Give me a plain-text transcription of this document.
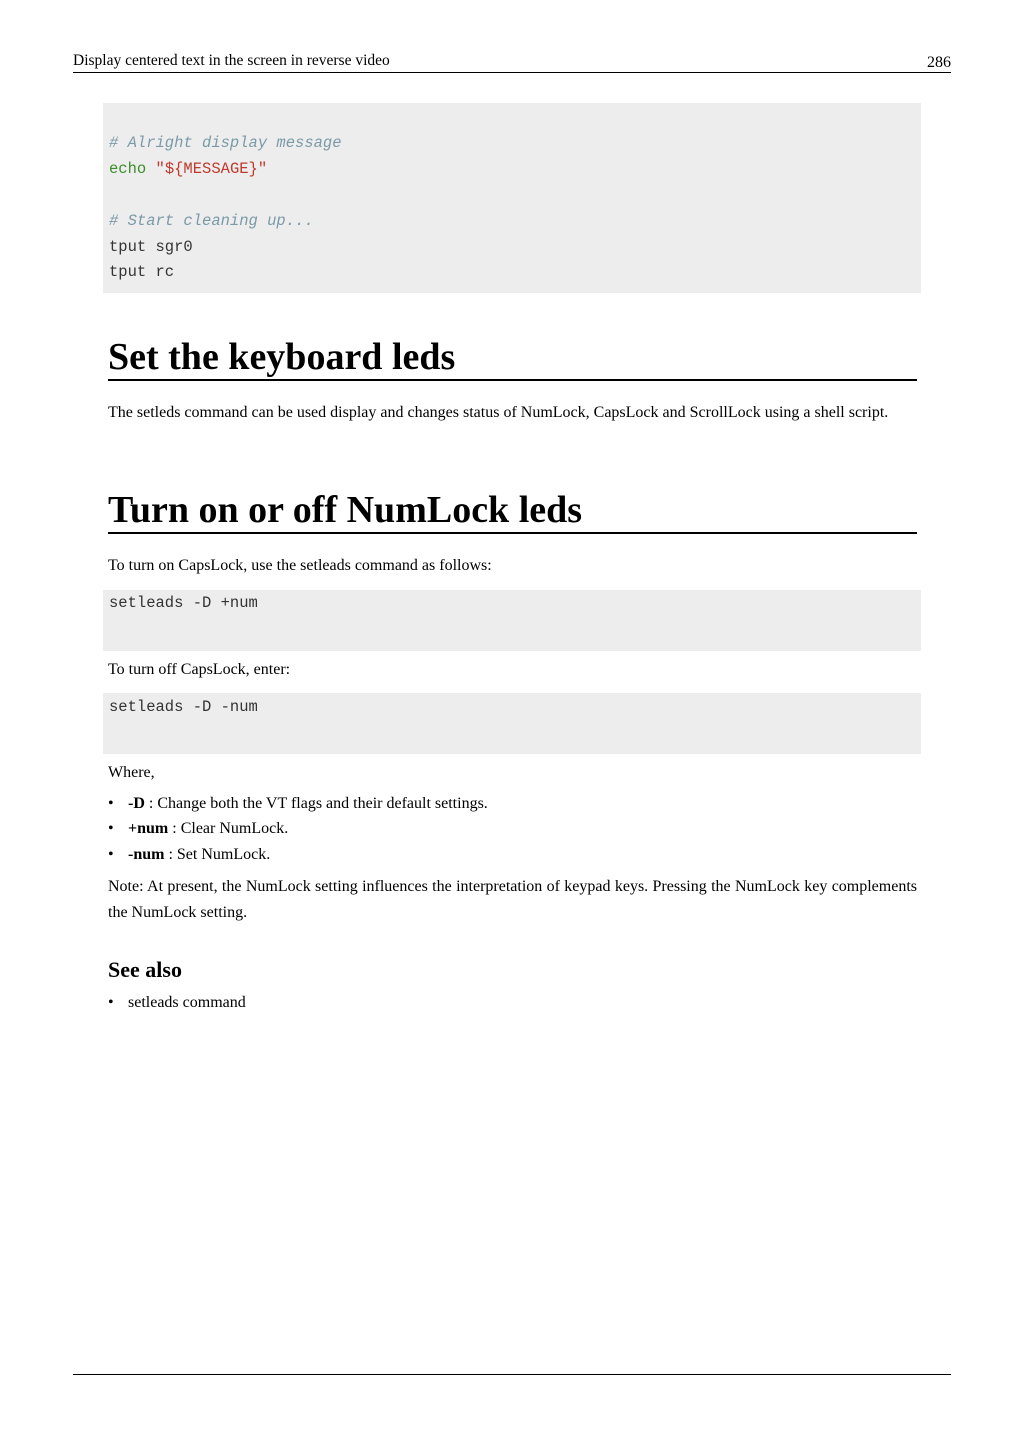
Display centered text in the screen in reverse video	286

# Alright display message

echo "${MESSAGE}"

# Start cleaning up...

tput sgr0

tput rc

Set the keyboard leds
The setleds command can be used display and changes status of NumLock, CapsLock and ScrollLock using a shell script.
Turn on or off NumLock leds
To turn on CapsLock, use the setleads command as follows:

setleads -D +num

To turn off CapsLock, enter:

setleads -D -num

Where,
• -D : Change both the VT flags and their default settings.
• +num : Clear NumLock.
• -num : Set NumLock.
Note: At present, the NumLock setting influences the interpretation of keypad keys. Pressing the NumLock key complements the NumLock setting.
See also
• setleads command
